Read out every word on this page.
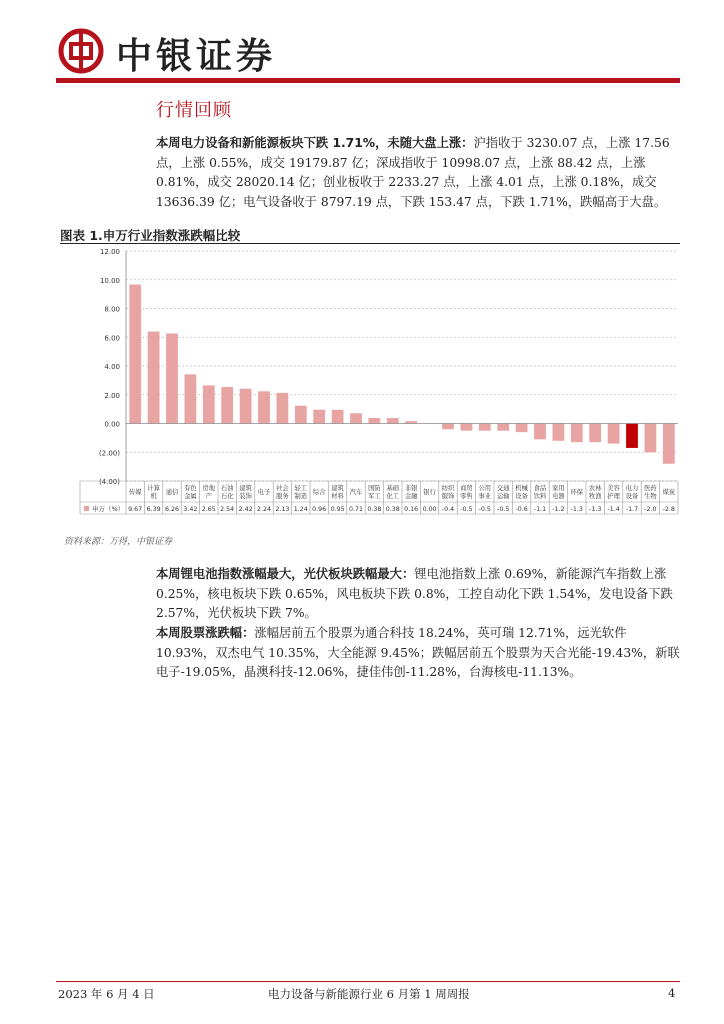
中银证券
行情回顾
本周电力设备和新能源板块下跌 1.71%，未随大盘上涨：沪指收于 3230.07 点，上涨 17.56 点，上涨 0.55%，成交 19179.87 亿；深成指收于 10998.07 点，上涨 88.42 点，上涨 0.81%，成交 28020.14 亿；创业板收于 2233.27 点，上涨 4.01 点，上涨 0.18%，成交 13636.39 亿；电气设备收于 8797.19 点，下跌 153.47 点，下跌 1.71%，跌幅高于大盘。
图表 1.申万行业指数涨跌幅比较
12.00
10.00
8.00
6.00
4.00
2.00
0.00
(2.00)
(4.00)
申万（%）
传媒
9.67
计算机
6.39
通信
6.26
有色金属
3.42
房地产
2.65
石油石化
2.54
建筑装饰
2.42
电子
2.24
社会服务
2.13
轻工制造
1.24
综合
0.96
建筑材料
0.95
汽车
0.71
国防军工
0.38
基础化工
0.38
非银金融
0.16
银行
0.00
纺织服饰
-0.4
商贸零售
-0.5
公用事业
-0.5
交通运输
-0.5
机械设备
-0.6
食品饮料
-1.1
家用电器
-1.2
环保
-1.3
农林牧渔
-1.3
美容护理
-1.4
电力设备
-1.7
医药生物
-2.0
煤炭
-2.8
资料来源：万得，中银证券
本周锂电池指数涨幅最大，光伏板块跌幅最大：锂电池指数上涨 0.69%，新能源汽车指数上涨 0.25%，核电板块下跌 0.65%，风电板块下跌 0.8%，工控自动化下跌 1.54%，发电设备下跌 2.57%，光伏板块下跌 7%。
本周股票涨跌幅：涨幅居前五个股票为通合科技 18.24%，英可瑞 12.71%，远光软件 10.93%，双杰电气 10.35%，大全能源 9.45%；跌幅居前五个股票为天合光能-19.43%，新联电子-19.05%，晶澳科技-12.06%，捷佳伟创-11.28%，台海核电-11.13%。
2023 年 6 月 4 日	电力设备与新能源行业 6 月第 1 周周报	4
